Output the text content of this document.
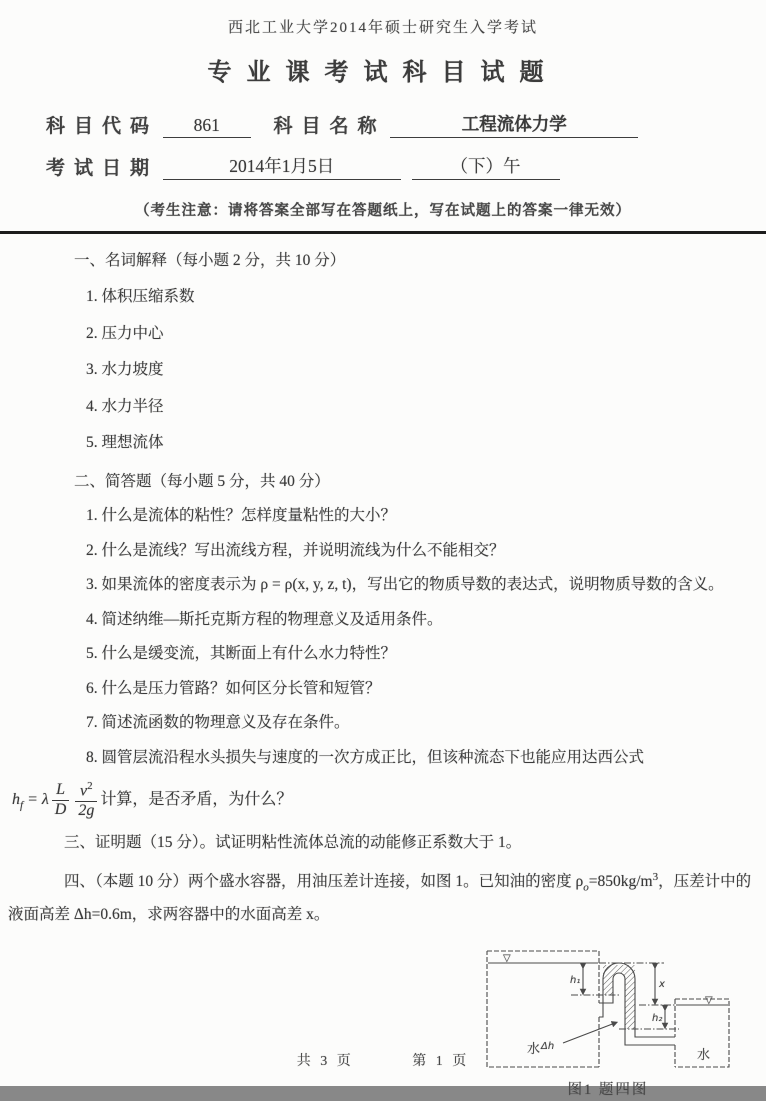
西北工业大学2014年硕士研究生入学考试
专业课考试科目试题
科目代码 861	科目名称	工程流体力学
考试日期	2014年1月5日	（下）午
（考生注意：请将答案全部写在答题纸上，写在试题上的答案一律无效）
一、名词解释（每小题 2 分，共 10 分）
1. 体积压缩系数
2. 压力中心
3. 水力坡度
4. 水力半径
5. 理想流体
二、简答题（每小题 5 分，共 40 分）

1. 什么是流体的粘性？怎样度量粘性的大小？

2. 什么是流线？写出流线方程，并说明流线为什么不能相交？

3. 如果流体的密度表示为 ρ = ρ(x, y, z, t)，写出它的物质导数的表达式，说明物质导数的含义。

4. 简述纳维—斯托克斯方程的物理意义及适用条件。

5. 什么是缓变流，其断面上有什么水力特性？

6. 什么是压力管路？如何区分长管和短管？

7. 简述流函数的物理意义及存在条件。

8. 圆管层流沿程水头损失与速度的一次方成正比，但该种流态下也能应用达西公式

$h_f = \lambda \frac{L}{D} \frac{v^2}{2g}$ 计算，是否矛盾，为什么？

三、证明题（15 分）。试证明粘性流体总流的动能修正系数大于 1。

四、（本题 10 分）两个盛水容器，用油压差计连接，如图 1。已知油的密度 $\rho_o=850kg/m^3$，压差计中的液面高差 Δh=0.6m，求两容器中的水面高差 x。

▽
▽
h₁	x
h₂
Δh
水	水
图1 题四图
共 3 页	第 1 页
